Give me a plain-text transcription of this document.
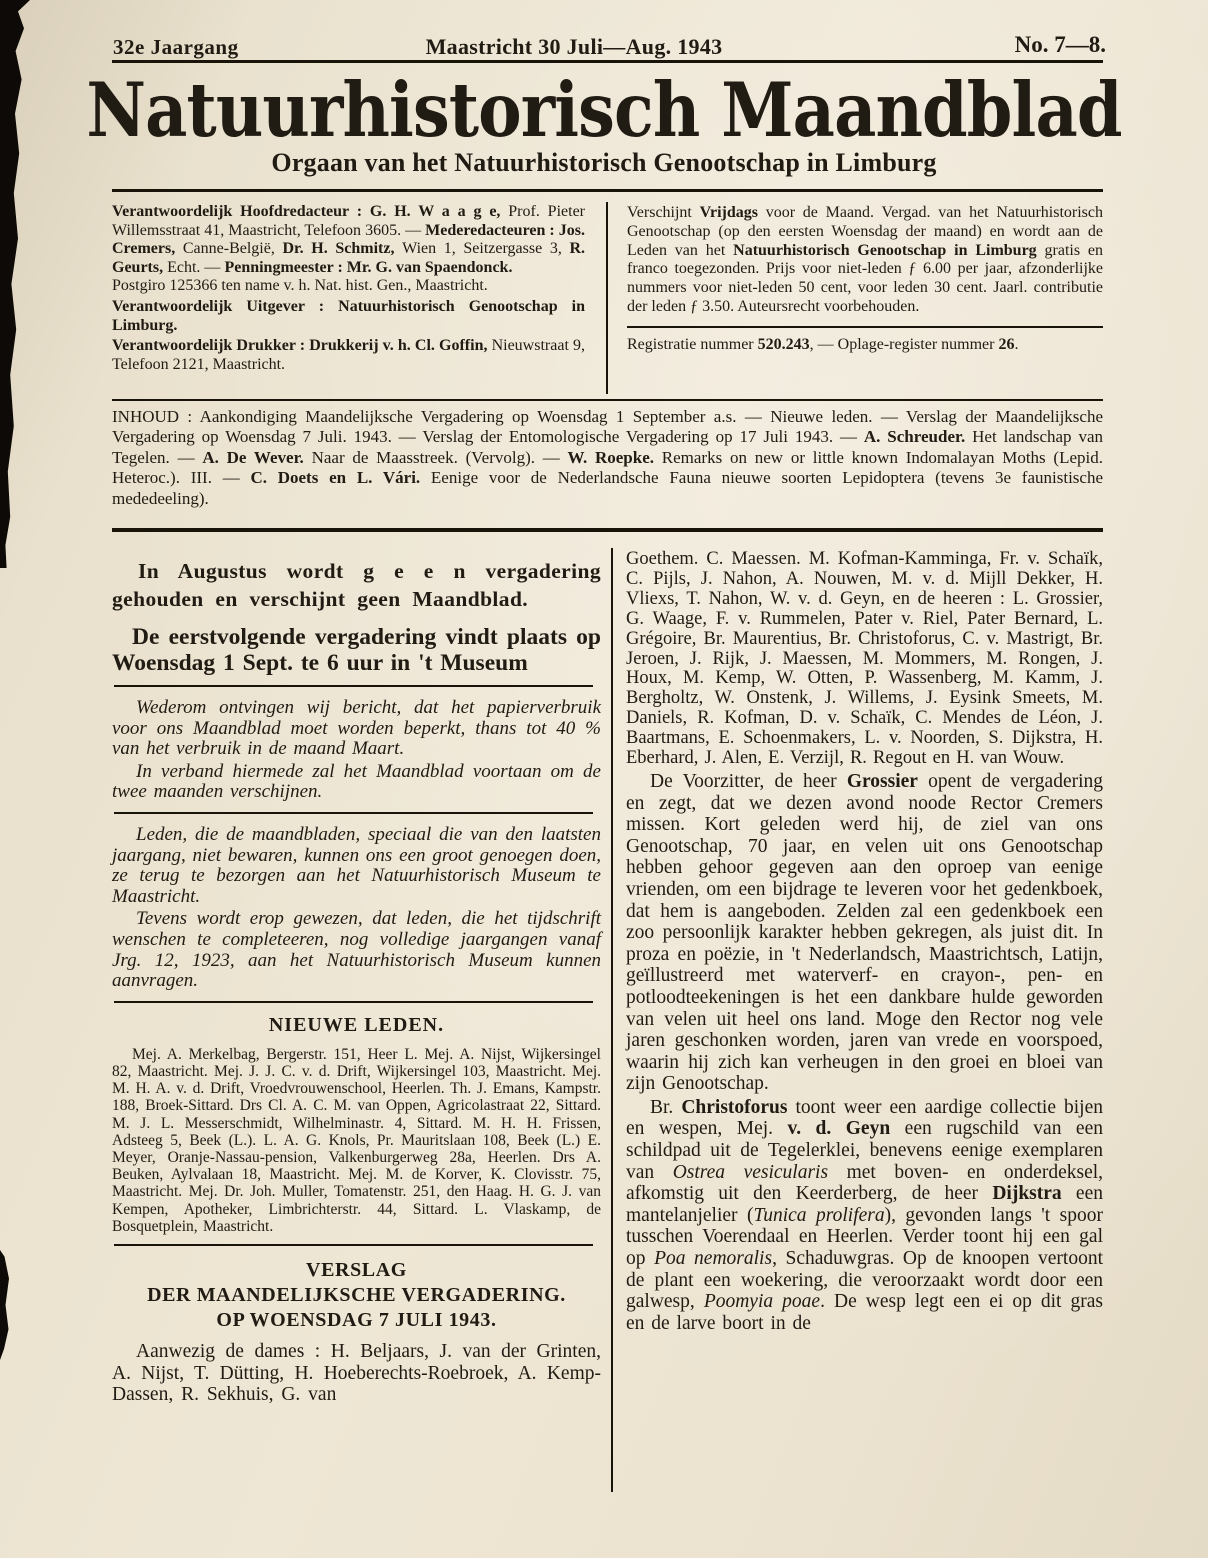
32e Jaargang	Maastricht 30 Juli—Aug. 1943	No. 7—8.
Natuurhistorisch Maandblad
Orgaan van het Natuurhistorisch Genootschap in Limburg

Verantwoordelijk Hoofdredacteur : G. H. W a a g e, Prof. Pieter Willemsstraat 41, Maastricht, Telefoon 3605. — Mederedacteuren : Jos. Cremers, Canne-België, Dr. H. Schmitz, Wien 1, Seitzergasse 3, R. Geurts, Echt. — Penningmeester : Mr. G. van Spaendonck.

Postgiro 125366 ten name v. h. Nat. hist. Gen., Maastricht.

Verantwoordelijk Uitgever : Natuurhistorisch Genootschap in Limburg.

Verantwoordelijk Drukker : Drukkerij v. h. Cl. Goffin, Nieuwstraat 9, Telefoon 2121, Maastricht.

Verschijnt Vrijdags voor de Maand. Vergad. van het Natuurhistorisch Genootschap (op den eersten Woensdag der maand) en wordt aan de Leden van het Natuurhistorisch Genootschap in Limburg gratis en franco toegezonden. Prijs voor niet-leden ƒ 6.00 per jaar, afzonderlijke nummers voor niet-leden 50 cent, voor leden 30 cent. Jaarl. contributie der leden ƒ 3.50. Auteursrecht voorbehouden.

Registratie nummer 520.243, — Oplage-register nummer 26.

INHOUD : Aankondiging Maandelijksche Vergadering op Woensdag 1 September a.s. — Nieuwe leden. — Verslag der Maandelijksche Vergadering op Woensdag 7 Juli. 1943. — Verslag der Entomologische Vergadering op 17 Juli 1943. — A. Schreuder. Het landschap van Tegelen. — A. De Wever. Naar de Maasstreek. (Vervolg). — W. Roepke. Remarks on new or little known Indomalayan Moths (Lepid. Heteroc.). III. — C. Doets en L. Vári. Eenige voor de Nederlandsche Fauna nieuwe soorten Lepidoptera (tevens 3e faunistische mededeeling).

In Augustus wordt g e e n vergadering gehouden en verschijnt geen Maandblad.

De eerstvolgende vergadering vindt plaats op Woensdag 1 Sept. te 6 uur in 't Museum

Wederom ontvingen wij bericht, dat het papierverbruik voor ons Maandblad moet worden beperkt, thans tot 40 % van het verbruik in de maand Maart.

In verband hiermede zal het Maandblad voortaan om de twee maanden verschijnen.

Leden, die de maandbladen, speciaal die van den laatsten jaargang, niet bewaren, kunnen ons een groot genoegen doen, ze terug te bezorgen aan het Natuurhistorisch Museum te Maastricht.

Tevens wordt erop gewezen, dat leden, die het tijdschrift wenschen te completeeren, nog volledige jaargangen vanaf Jrg. 12, 1923, aan het Natuurhistorisch Museum kunnen aanvragen.

NIEUWE LEDEN.

Mej. A. Merkelbag, Bergerstr. 151, Heer L. Mej. A. Nijst, Wijkersingel 82, Maastricht. Mej. J. J. C. v. d. Drift, Wijkersingel 103, Maastricht. Mej. M. H. A. v. d. Drift, Vroedvrouwenschool, Heerlen. Th. J. Emans, Kampstr. 188, Broek-Sittard. Drs Cl. A. C. M. van Oppen, Agricolastraat 22, Sittard. M. J. L. Messerschmidt, Wilhelminastr. 4, Sittard. M. H. H. Frissen, Adsteeg 5, Beek (L.). L. A. G. Knols, Pr. Mauritslaan 108, Beek (L.) E. Meyer, Oranje-Nassau-pension, Valkenburgerweg 28a, Heerlen. Drs A. Beuken, Aylvalaan 18, Maastricht. Mej. M. de Korver, K. Clovisstr. 75, Maastricht. Mej. Dr. Joh. Muller, Tomatenstr. 251, den Haag. H. G. J. van Kempen, Apotheker, Limbrichterstr. 44, Sittard. L. Vlaskamp, de Bosquetplein, Maastricht.

VERSLAG
DER MAANDELIJKSCHE VERGADERING.
OP WOENSDAG 7 JULI 1943.

Aanwezig de dames : H. Beljaars, J. van der Grinten, A. Nijst, T. Dütting, H. Hoeberechts-Roebroek, A. Kemp-Dassen, R. Sekhuis, G. van

Goethem. C. Maessen. M. Kofman-Kamminga, Fr. v. Schaïk, C. Pijls, J. Nahon, A. Nouwen, M. v. d. Mijll Dekker, H. Vliexs, T. Nahon, W. v. d. Geyn, en de heeren : L. Grossier, G. Waage, F. v. Rummelen, Pater v. Riel, Pater Bernard, L. Grégoire, Br. Maurentius, Br. Christoforus, C. v. Mastrigt, Br. Jeroen, J. Rijk, J. Maessen, M. Mommers, M. Rongen, J. Houx, M. Kemp, W. Otten, P. Wassenberg, M. Kamm, J. Bergholtz, W. Onstenk, J. Willems, J. Eysink Smeets, M. Daniels, R. Kofman, D. v. Schaïk, C. Mendes de Léon, J. Baartmans, E. Schoenmakers, L. v. Noorden, S. Dijkstra, H. Eberhard, J. Alen, E. Verzijl, R. Regout en H. van Wouw.

De Voorzitter, de heer Grossier opent de vergadering en zegt, dat we dezen avond noode Rector Cremers missen. Kort geleden werd hij, de ziel van ons Genootschap, 70 jaar, en velen uit ons Genootschap hebben gehoor gegeven aan den oproep van eenige vrienden, om een bijdrage te leveren voor het gedenkboek, dat hem is aangeboden. Zelden zal een gedenkboek een zoo persoonlijk karakter hebben gekregen, als juist dit. In proza en poëzie, in 't Nederlandsch, Maastrichtsch, Latijn, geïllustreerd met waterverf- en crayon-, pen- en potloodteekeningen is het een dankbare hulde geworden van velen uit heel ons land. Moge den Rector nog vele jaren geschonken worden, jaren van vrede en voorspoed, waarin hij zich kan verheugen in den groei en bloei van zijn Genootschap.

Br. Christoforus toont weer een aardige collectie bijen en wespen, Mej. v. d. Geyn een rugschild van een schildpad uit de Tegelerklei, benevens eenige exemplaren van Ostrea vesicularis met boven- en onderdeksel, afkomstig uit den Keerderberg, de heer Dijkstra een mantelanjelier (Tunica prolifera), gevonden langs 't spoor tusschen Voerendaal en Heerlen. Verder toont hij een gal op Poa nemoralis, Schaduwgras. Op de knoopen vertoont de plant een woekering, die veroorzaakt wordt door een galwesp, Poomyia poae. De wesp legt een ei op dit gras en de larve boort in de
